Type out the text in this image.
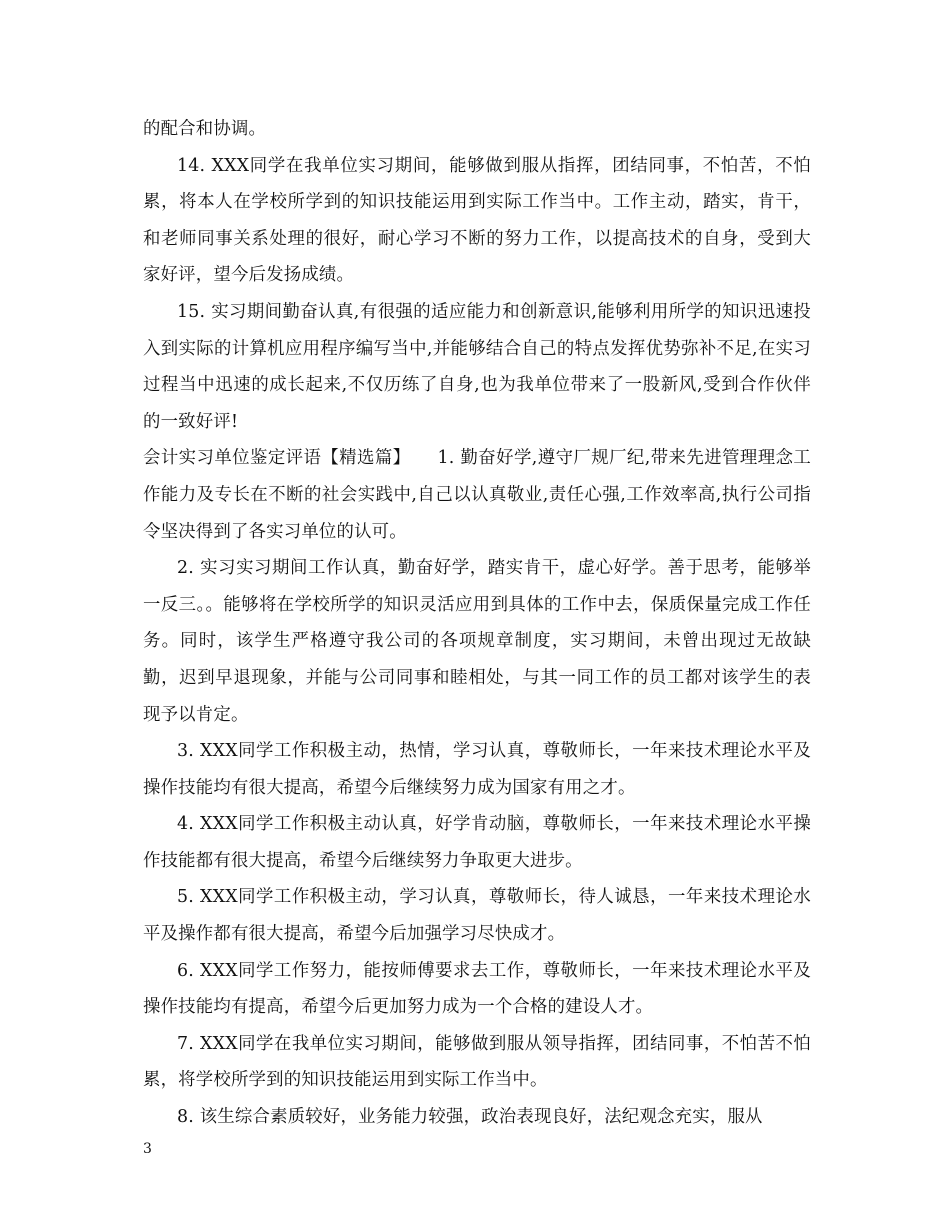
的配合和协调。

14. XXX同学在我单位实习期间，能够做到服从指挥，团结同事，不怕苦，不怕累，将本人在学校所学到的知识技能运用到实际工作当中。工作主动，踏实，肯干，和老师同事关系处理的很好，耐心学习不断的努力工作，以提高技术的自身，受到大家好评，望今后发扬成绩。

15. 实习期间勤奋认真,有很强的适应能力和创新意识,能够利用所学的知识迅速投入到实际的计算机应用程序编写当中,并能够结合自己的特点发挥优势弥补不足,在实习过程当中迅速的成长起来,不仅历练了自身,也为我单位带来了一股新风,受到合作伙伴的一致好评!

会计实习单位鉴定评语【精选篇】　　1. 勤奋好学,遵守厂规厂纪,带来先进管理理念工作能力及专长在不断的社会实践中,自己以认真敬业,责任心强,工作效率高,执行公司指令坚决得到了各实习单位的认可。

2. 实习实习期间工作认真，勤奋好学，踏实肯干，虚心好学。善于思考，能够举一反三。。能够将在学校所学的知识灵活应用到具体的工作中去，保质保量完成工作任务。同时，该学生严格遵守我公司的各项规章制度，实习期间，未曾出现过无故缺勤，迟到早退现象，并能与公司同事和睦相处，与其一同工作的员工都对该学生的表现予以肯定。

3. XXX同学工作积极主动，热情，学习认真，尊敬师长，一年来技术理论水平及操作技能均有很大提高，希望今后继续努力成为国家有用之才。

4. XXX同学工作积极主动认真，好学肯动脑，尊敬师长，一年来技术理论水平操作技能都有很大提高，希望今后继续努力争取更大进步。

5. XXX同学工作积极主动，学习认真，尊敬师长，待人诚恳，一年来技术理论水平及操作都有很大提高，希望今后加强学习尽快成才。

6. XXX同学工作努力，能按师傅要求去工作，尊敬师长，一年来技术理论水平及操作技能均有提高，希望今后更加努力成为一个合格的建设人才。

7. XXX同学在我单位实习期间，能够做到服从领导指挥，团结同事，不怕苦不怕累，将学校所学到的知识技能运用到实际工作当中。

8. 该生综合素质较好，业务能力较强，政治表现良好，法纪观念充实，服从

3
